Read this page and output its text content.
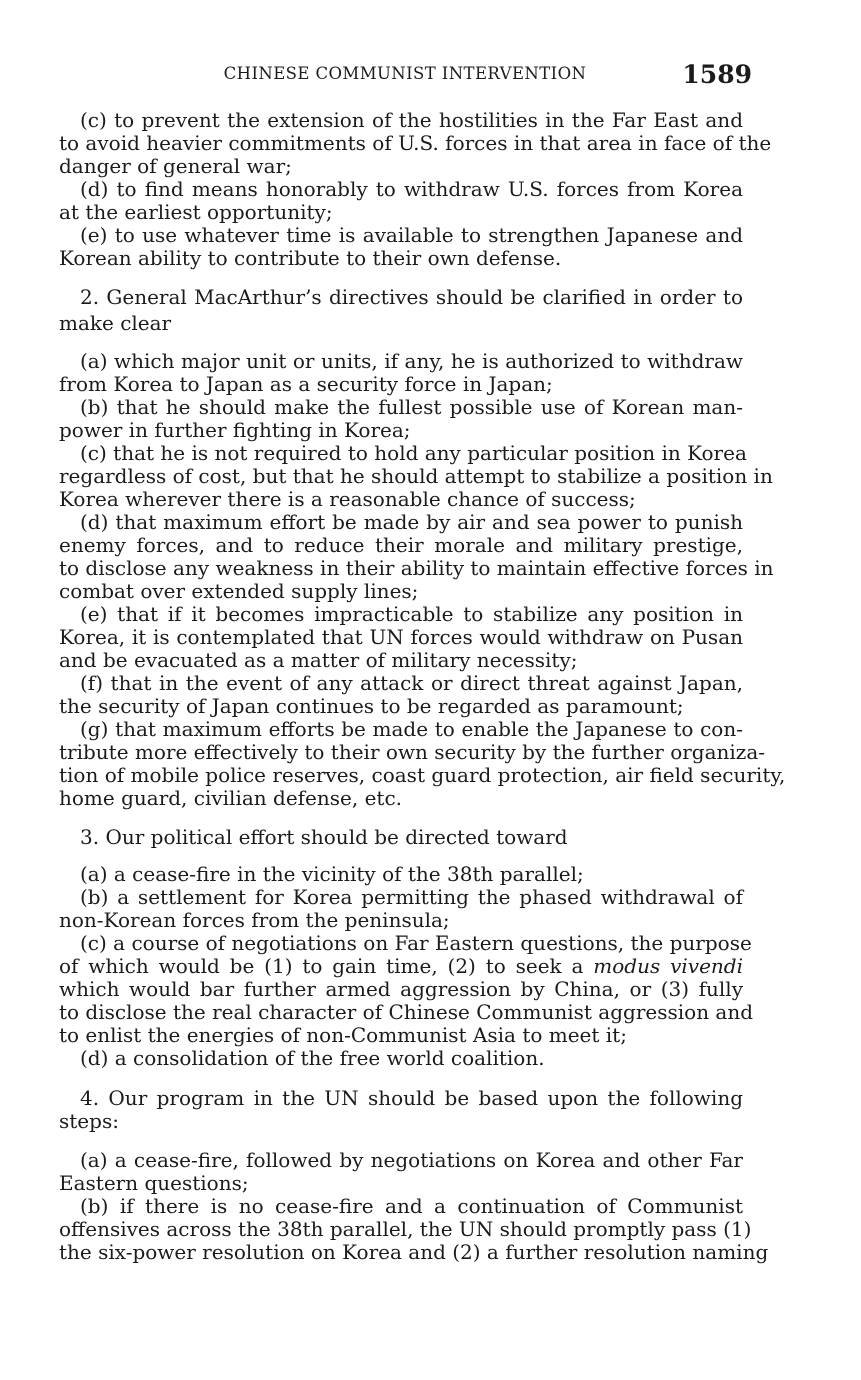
CHINESE COMMUNIST INTERVENTION	1589
(c) to prevent the extension of the hostilities in the Far East and
to avoid heavier commitments of U.S. forces in that area in face of the
danger of general war;
(d) to find means honorably to withdraw U.S. forces from Korea
at the earliest opportunity;
(e) to use whatever time is available to strengthen Japanese and
Korean ability to contribute to their own defense.
2. General MacArthur’s directives should be clarified in order to
make clear
(a) which major unit or units, if any, he is authorized to withdraw
from Korea to Japan as a security force in Japan;
(b) that he should make the fullest possible use of Korean man-
power in further fighting in Korea;
(c) that he is not required to hold any particular position in Korea
regardless of cost, but that he should attempt to stabilize a position in
Korea wherever there is a reasonable chance of success;
(d) that maximum effort be made by air and sea power to punish
enemy forces, and to reduce their morale and military prestige,
to disclose any weakness in their ability to maintain effective forces in
combat over extended supply lines;
(e) that if it becomes impracticable to stabilize any position in
Korea, it is contemplated that UN forces would withdraw on Pusan
and be evacuated as a matter of military necessity;
(f) that in the event of any attack or direct threat against Japan,
the security of Japan continues to be regarded as paramount;
(g) that maximum efforts be made to enable the Japanese to con-
tribute more effectively to their own security by the further organiza-
tion of mobile police reserves, coast guard protection, air field security,
home guard, civilian defense, etc.
3. Our political effort should be directed toward
(a) a cease-fire in the vicinity of the 38th parallel;
(b) a settlement for Korea permitting the phased withdrawal of
non-Korean forces from the peninsula;
(c) a course of negotiations on Far Eastern questions, the purpose
of which would be (1) to gain time, (2) to seek a modus vivendi
which would bar further armed aggression by China, or (3) fully
to disclose the real character of Chinese Communist aggression and
to enlist the energies of non-Communist Asia to meet it;
(d) a consolidation of the free world coalition.
4. Our program in the UN should be based upon the following
steps:
(a) a cease-fire, followed by negotiations on Korea and other Far
Eastern questions;
(b) if there is no cease-fire and a continuation of Communist
offensives across the 38th parallel, the UN should promptly pass (1)
the six-power resolution on Korea and (2) a further resolution naming
